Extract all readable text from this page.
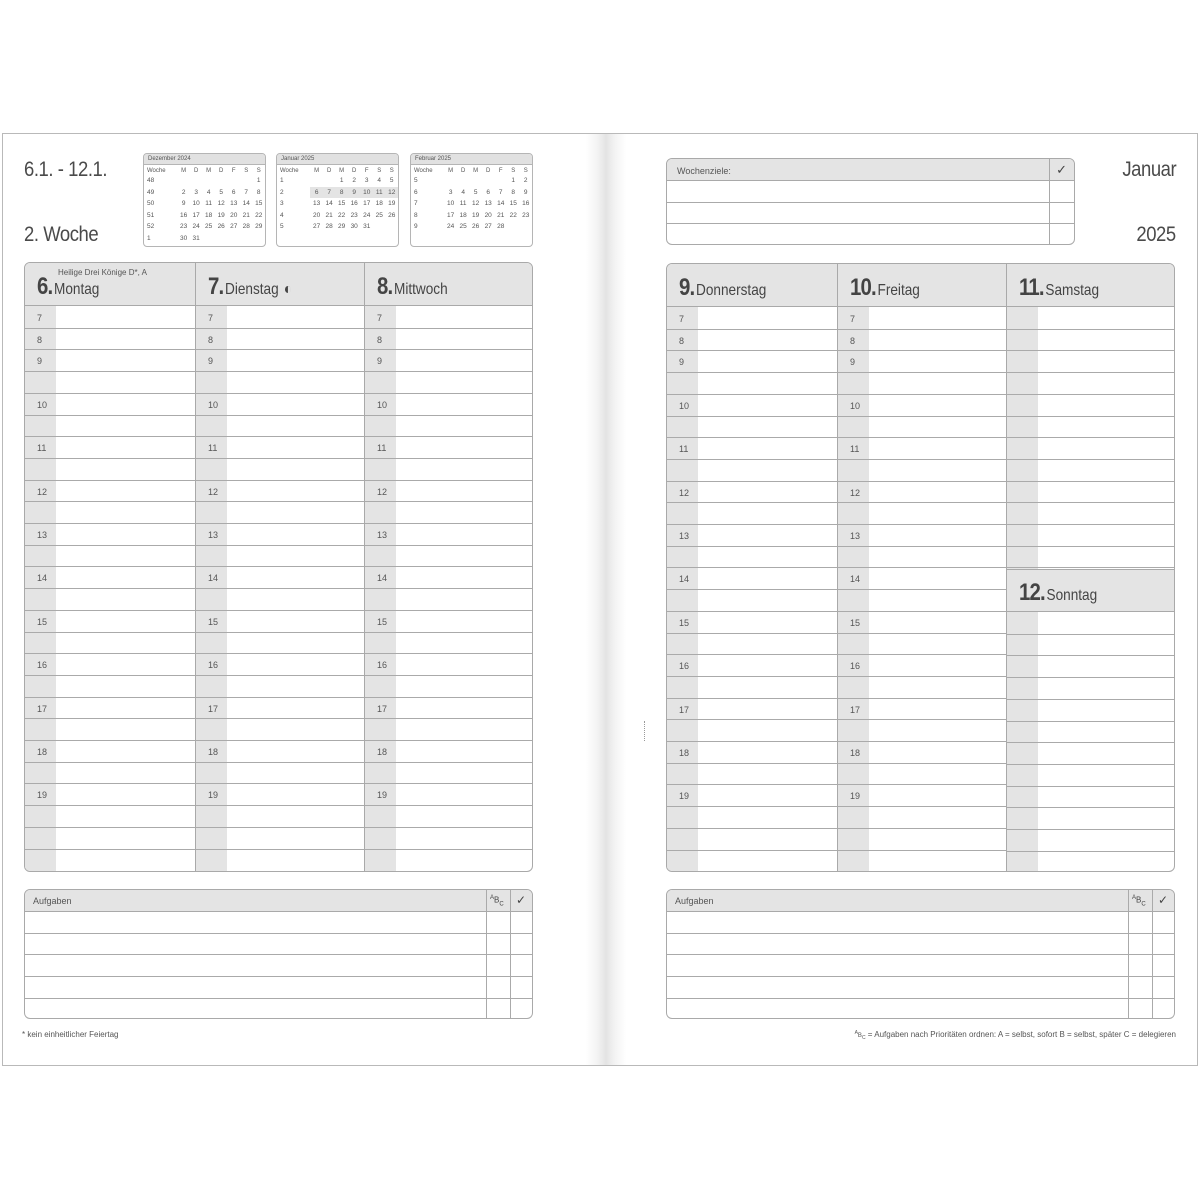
6.1. - 12.1.
2. Woche
Dezember 2024
Woche	M	D	M	D	F	S	S
48							1
49	2	3	4	5	6	7	8
50	9	10	11	12	13	14	15
51	16	17	18	19	20	21	22
52	23	24	25	26	27	28	29
1	30	31					
Januar 2025
Woche	M	D	M	D	F	S	S
1			1	2	3	4	5
2	6	7	8	9	10	11	12
3	13	14	15	16	17	18	19
4	20	21	22	23	24	25	26
5	27	28	29	30	31		
Februar 2025
Woche	M	D	M	D	F	S	S
5						1	2
6	3	4	5	6	7	8	9
7	10	11	12	13	14	15	16
8	17	18	19	20	21	22	23
9	24	25	26	27	28		
Wochenziele:	✓	Januar
2025
6. Montag
Heilige Drei Könige D*, A
7
8
9
10
11
12
13
14
15
16
17
18
19
7. Dienstag ◐
7
8
9
10
11
12
13
14
15
16
17
18
19
8. Mittwoch
7
8
9
10
11
12
13
14
15
16
17
18
19
9. Donnerstag
7
8
9
10
11
12
13
14
15
16
17
18
19
10. Freitag
7
8
9
10
11
12
13
14
15
16
17
18
19
11. Samstag
12. Sonntag
Aufgaben	$^AB_C$ ✓	Aufgaben	$^AB_C$ ✓
* kein einheitlicher Feiertag	$^AB_C$ = Aufgaben nach Prioritäten ordnen: A = selbst, sofort B = selbst, später C = delegieren
